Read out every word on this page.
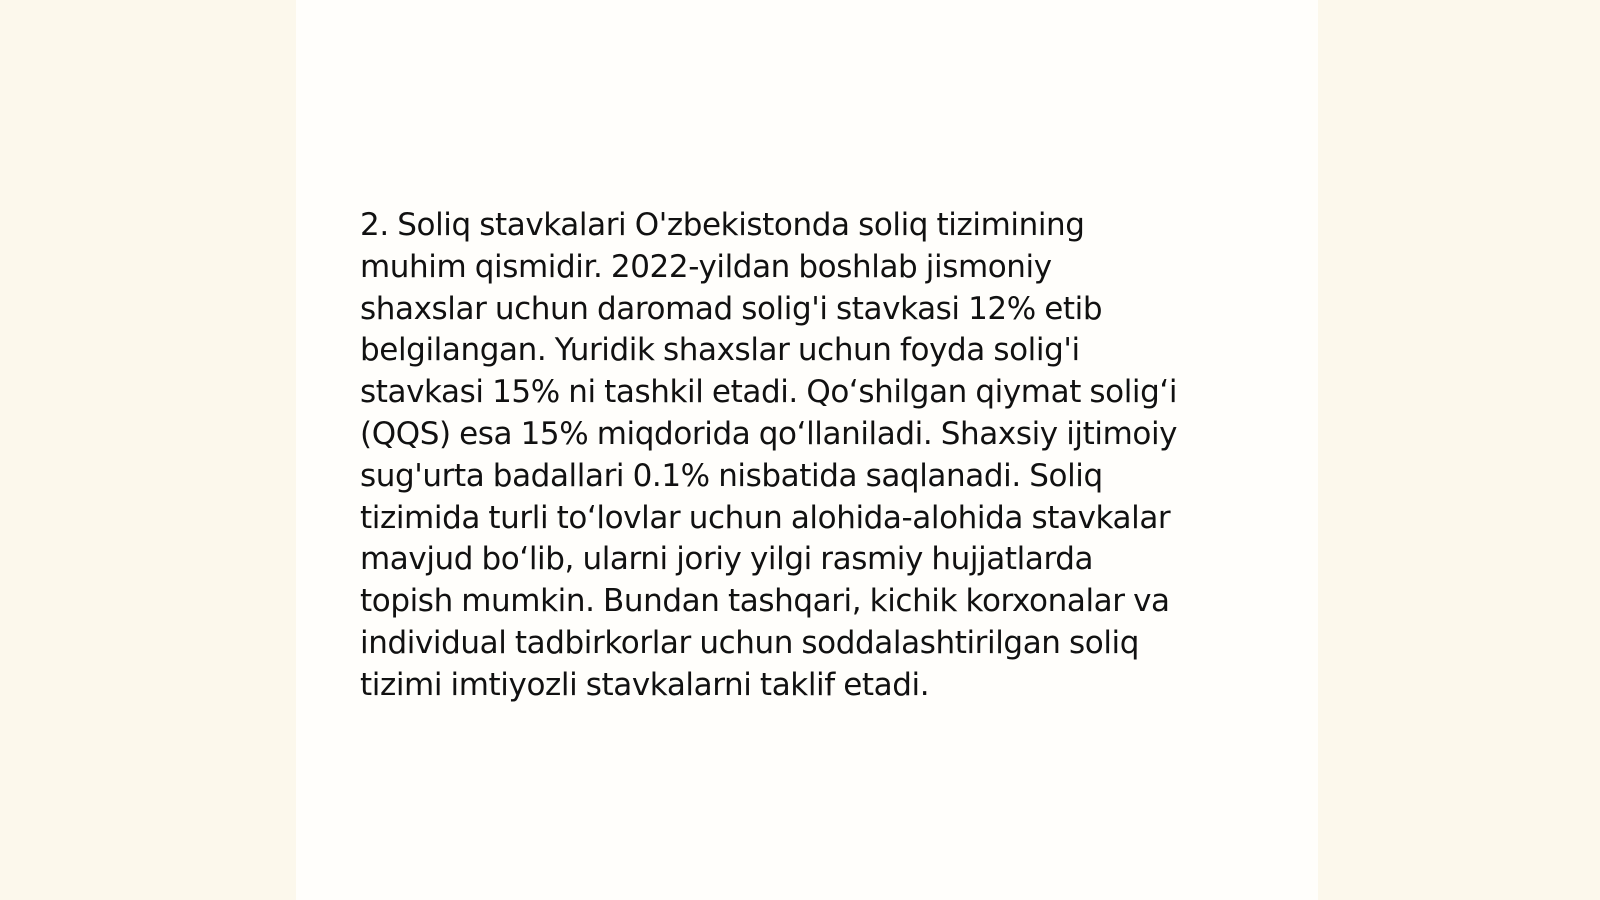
2. Soliq stavkalari O'zbekistonda soliq tizimining
muhim qismidir. 2022-yildan boshlab jismoniy
shaxslar uchun daromad solig'i stavkasi 12% etib
belgilangan. Yuridik shaxslar uchun foyda solig'i
stavkasi 15% ni tashkil etadi. Qo‘shilgan qiymat solig‘i
(QQS) esa 15% miqdorida qo‘llaniladi. Shaxsiy ijtimoiy
sug'urta badallari 0.1% nisbatida saqlanadi. Soliq
tizimida turli to‘lovlar uchun alohida-alohida stavkalar
mavjud bo‘lib, ularni joriy yilgi rasmiy hujjatlarda
topish mumkin. Bundan tashqari, kichik korxonalar va
individual tadbirkorlar uchun soddalashtirilgan soliq
tizimi imtiyozli stavkalarni taklif etadi.
